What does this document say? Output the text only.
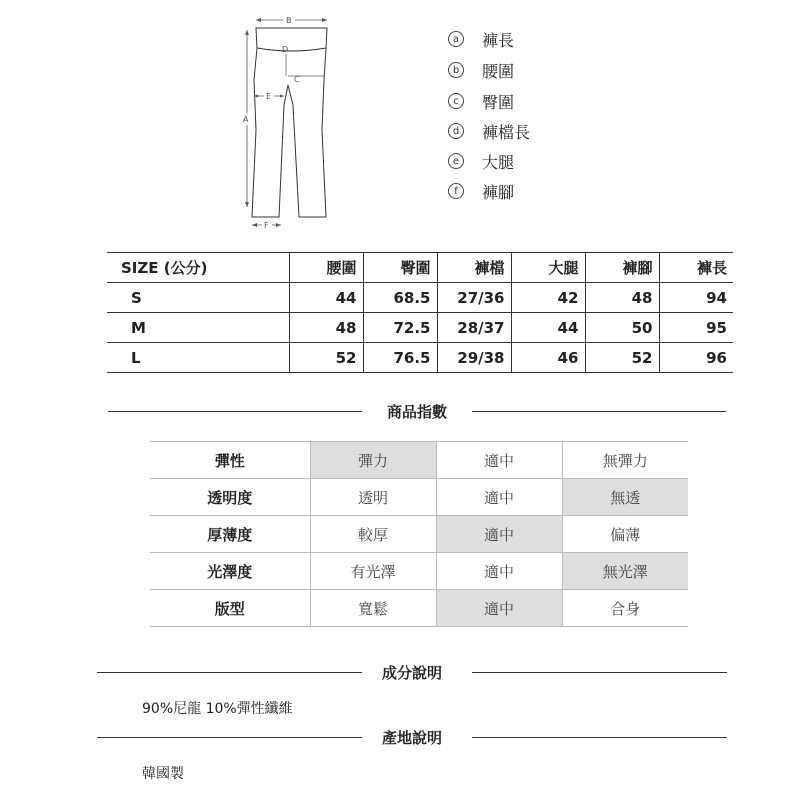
B
A
D
C
E
F
a	褲長
b	腰圍
c	臀圍
d	褲檔長
e	大腿
f	褲腳
SIZE (公分)	腰圍	臀圍	褲檔	大腿	褲腳	褲長
S	44	68.5	27/36	42	48	94
M	48	72.5	28/37	44	50	95
L	52	76.5	29/38	46	52	96
商品指數
彈性	彈力	適中	無彈力
透明度	透明	適中	無透
厚薄度	較厚	適中	偏薄
光澤度	有光澤	適中	無光澤
版型	寬鬆	適中	合身
成分說明
90%尼龍 10%彈性纖維
產地說明
韓國製
